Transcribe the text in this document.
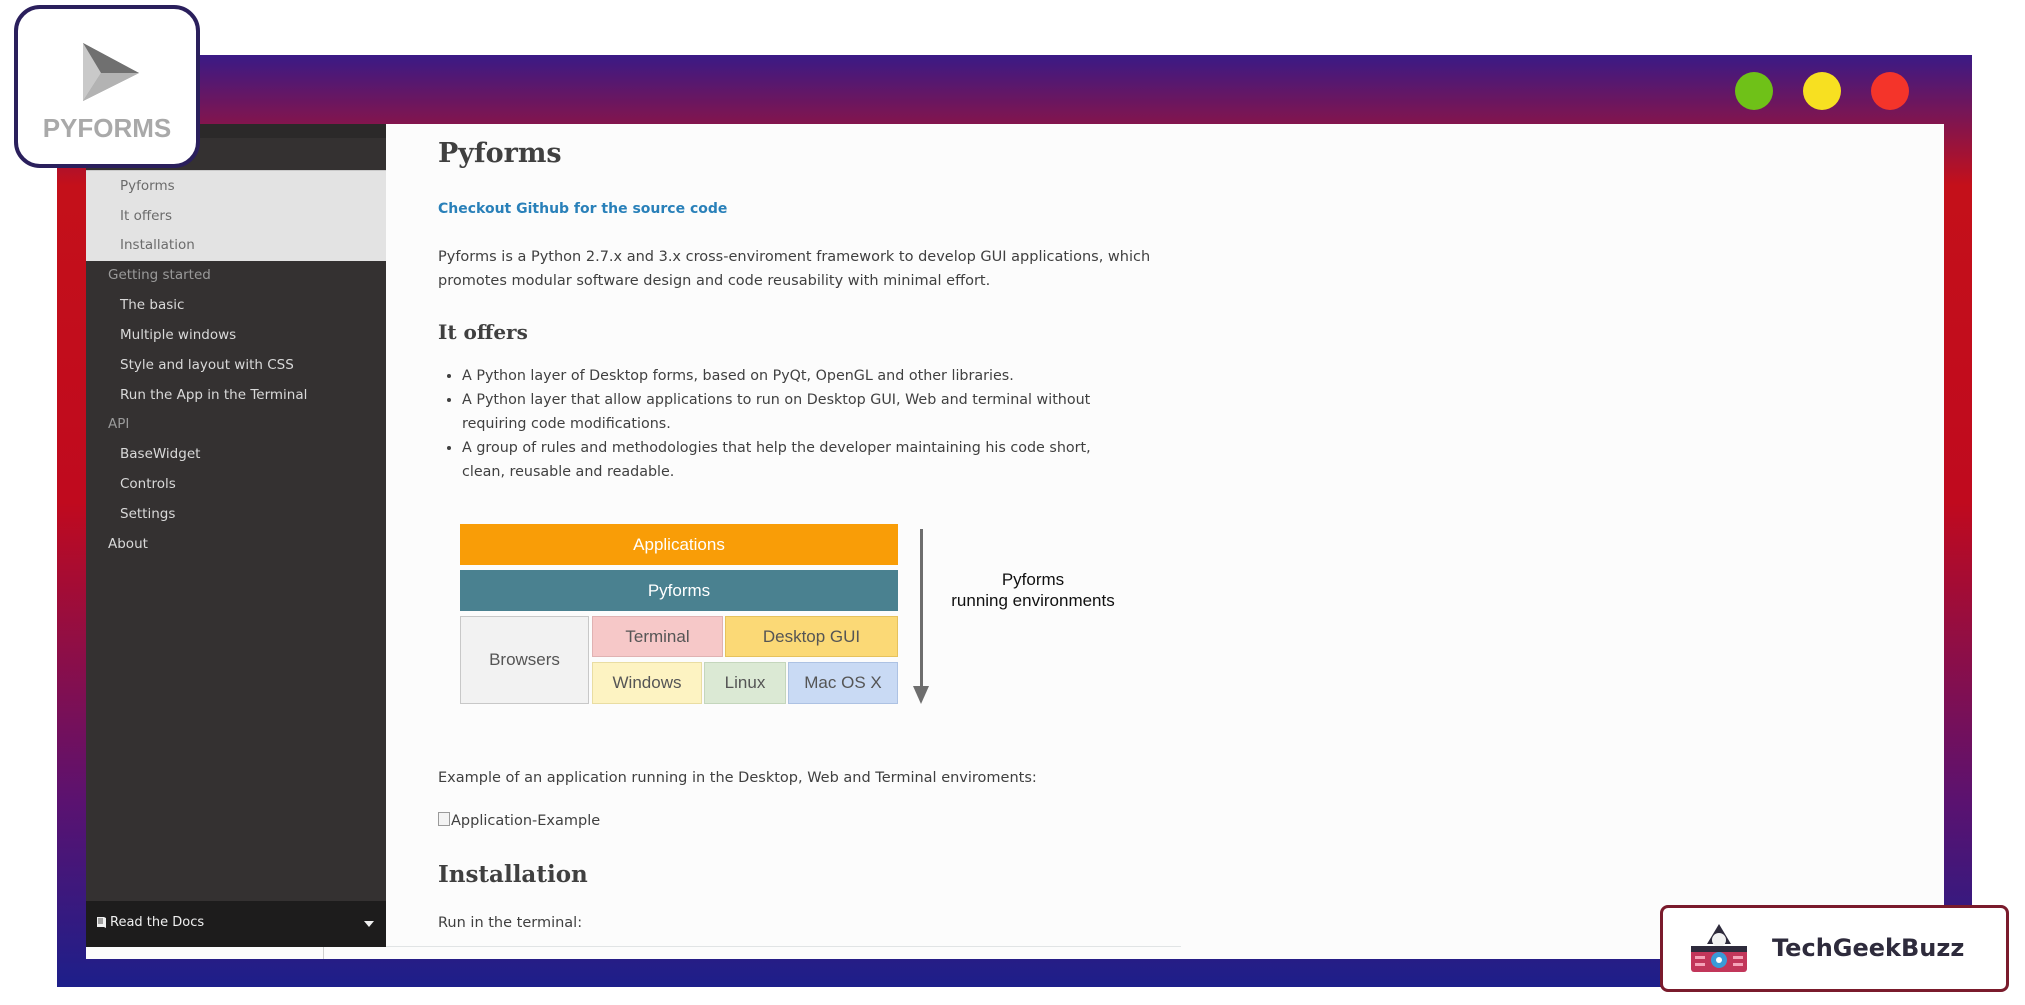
Pyforms
It offers
Installation
Getting started
The basic
Multiple windows
Style and layout with CSS
Run the App in the Terminal
API
BaseWidget
Controls
Settings
About
Read the Docs
Pyforms
Checkout Github for the source code
Pyforms is a Python 2.7.x and 3.x cross-enviroment framework to develop GUI applications, which
promotes modular software design and code reusability with minimal effort.
It offers
• A Python layer of Desktop forms, based on PyQt, OpenGL and other libraries.
• A Python layer that allow applications to run on Desktop GUI, Web and terminal without requiring code modifications.
• A group of rules and methodologies that help the developer maintaining his code short, clean, reusable and readable.
Applications
Pyforms
Browsers
Terminal	Desktop GUI
Windows	Linux	Mac OS X
Pyforms
running environments
Example of an application running in the Desktop, Web and Terminal enviroments:
Application-Example
Installation
Run in the terminal:
PYFORMS
TechGeekBuzz
